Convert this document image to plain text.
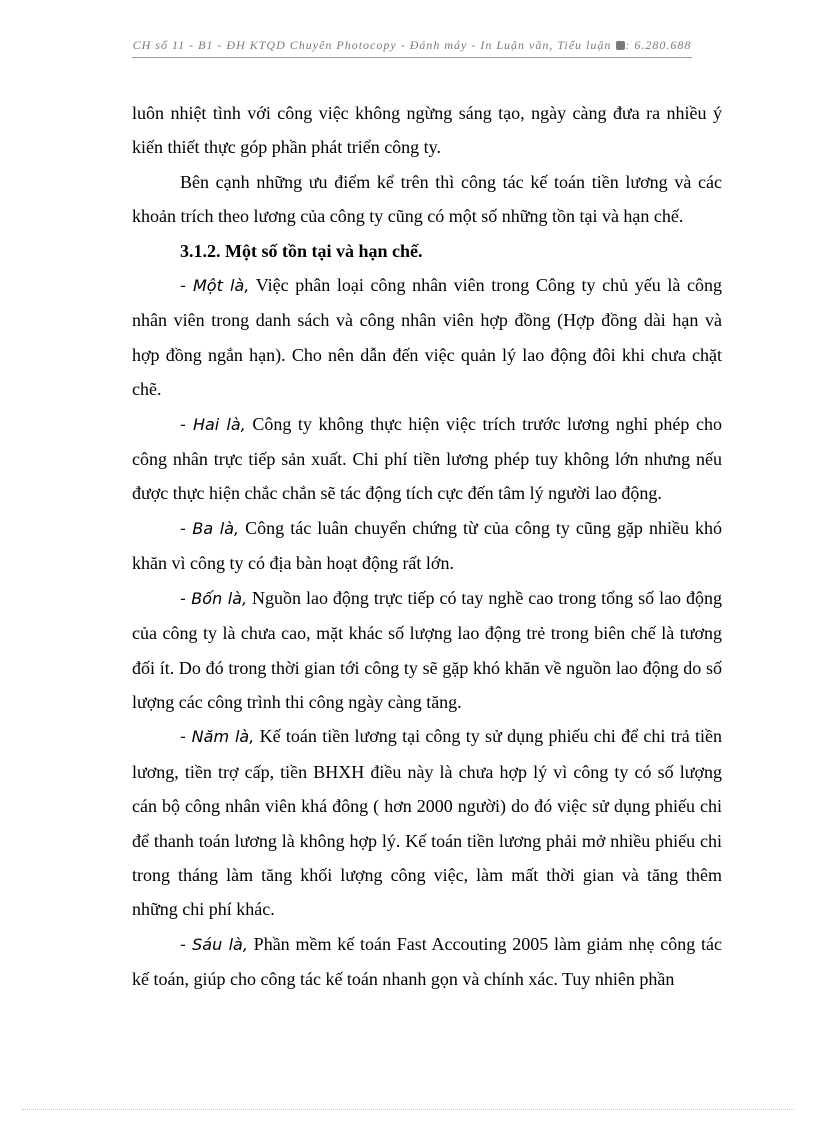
CH số 11 - B1 - ĐH KTQD Chuyên Photocopy - Đánh máy - In Luận văn, Tiểu luận : 6.280.688

luôn nhiệt tình với công việc không ngừng sáng tạo, ngày càng đưa ra nhiều ý kiến thiết thực góp phần phát triển công ty.

Bên cạnh những ưu điểm kể trên thì công tác kế toán tiền lương và các khoản trích theo lương của công ty cũng có một số những tồn tại và hạn chế.

3.1.2. Một số tồn tại và hạn chế.

- Một là, Việc phân loại công nhân viên trong Công ty chủ yếu là công nhân viên trong danh sách và công nhân viên hợp đồng (Hợp đồng dài hạn và hợp đồng ngắn hạn). Cho nên dẫn đến việc quản lý lao động đôi khi chưa chặt chẽ.

- Hai là, Công ty không thực hiện việc trích trước lương nghỉ phép cho công nhân trực tiếp sản xuất. Chi phí tiền lương phép tuy không lớn nhưng nếu được thực hiện chắc chắn sẽ tác động tích cực đến tâm lý người lao động.

- Ba là, Công tác luân chuyển chứng từ của công ty cũng gặp nhiều khó khăn vì công ty có địa bàn hoạt động rất lớn.

- Bốn là, Nguồn lao động trực tiếp có tay nghề cao trong tổng số lao động của công ty là chưa cao, mặt khác số lượng lao động trẻ trong biên chế là tương đối ít. Do đó trong thời gian tới công ty sẽ gặp khó khăn về nguồn lao động do số lượng các công trình thi công ngày càng tăng.

- Năm là, Kế toán tiền lương tại công ty sử dụng phiếu chi để chi trả tiền lương, tiền trợ cấp, tiền BHXH điều này là chưa hợp lý vì công ty có số lượng cán bộ công nhân viên khá đông ( hơn 2000 người) do đó việc sử dụng phiếu chi để thanh toán lương là không hợp lý. Kế toán tiền lương phải mở nhiều phiếu chi trong tháng làm tăng khối lượng công việc, làm mất thời gian và tăng thêm những chi phí khác.

- Sáu là, Phần mềm kế toán Fast Accouting 2005 làm giảm nhẹ công tác kế toán, giúp cho công tác kế toán nhanh gọn và chính xác. Tuy nhiên phần
